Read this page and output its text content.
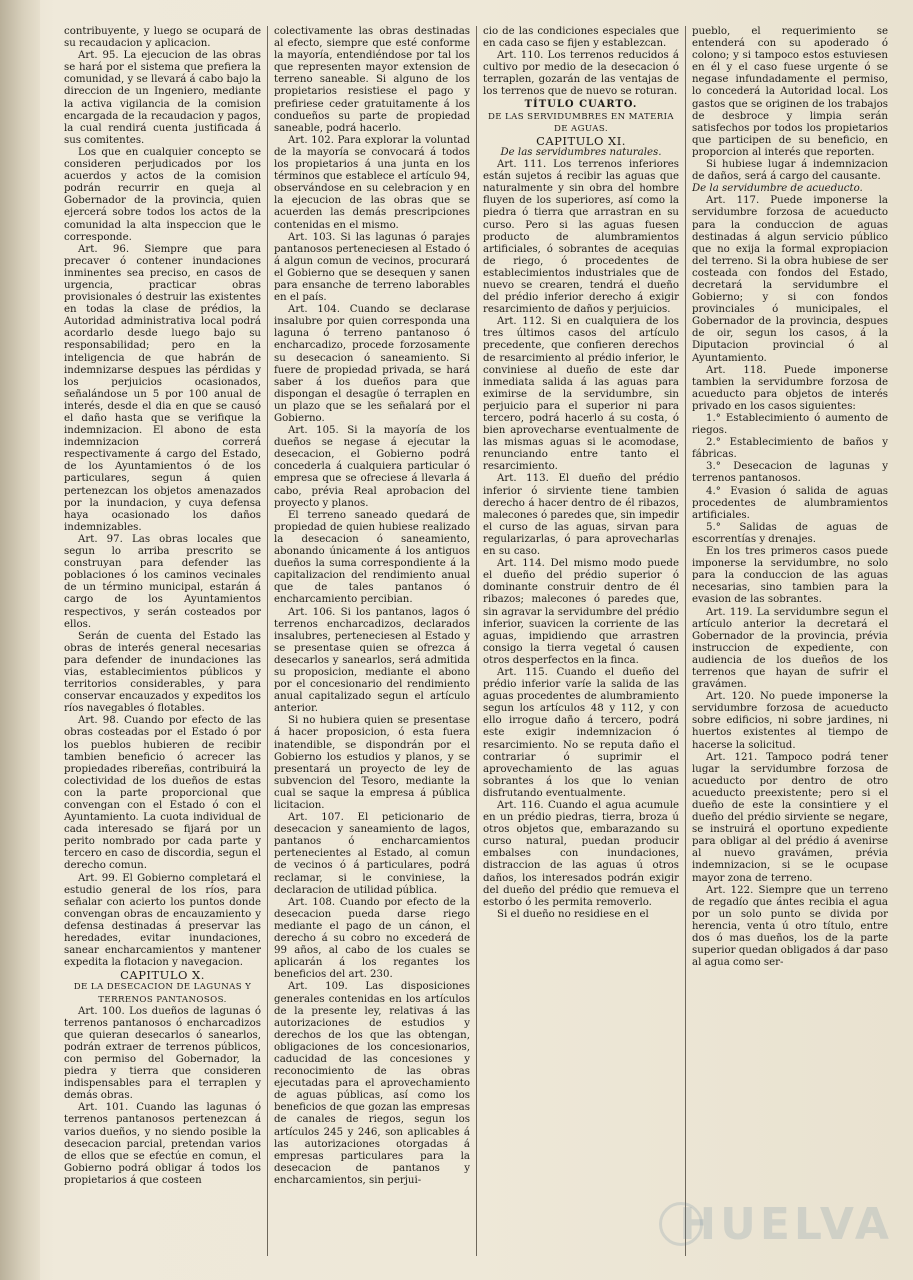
contribuyente, y luego se ocupará de su recaudacion y aplicacion.

Art. 95. La ejecucion de las obras se hará por el sistema que prefiera la comunidad, y se llevará á cabo bajo la direccion de un Ingeniero, mediante la activa vigilancia de la comision encargada de la recaudacion y pagos, la cual rendirá cuenta justificada á sus comitentes.

Los que en cualquier concepto se consideren perjudicados por los acuerdos y actos de la comision podrán recurrir en queja al Gobernador de la provincia, quien ejercerá sobre todos los actos de la comunidad la alta inspeccion que le corresponde.

Art. 96. Siempre que para precaver ó contener inundaciones inminentes sea preciso, en casos de urgencia, practicar obras provisionales ó destruir las existentes en todas la clase de prédios, la Autoridad administrativa local podrá acordarlo desde luego bajo su responsabilidad; pero en la inteligencia de que habrán de indemnizarse despues las pérdidas y los perjuicios ocasionados, señalándose un 5 por 100 anual de interés, desde el dia en que se causó el daño hasta que se verifique la indemnizacion. El abono de esta indemnizacion correrá respectivamente á cargo del Estado, de los Ayuntamientos ó de los particulares, segun á quien pertenezcan los objetos amenazados por la inundacion, y cuya defensa haya ocasionado los daños indemnizables.

Art. 97. Las obras locales que segun lo arriba prescrito se construyan para defender las poblaciones ó los caminos vecinales de un término municipal, estarán á cargo de los Ayuntamientos respectivos, y serán costeados por ellos.

Serán de cuenta del Estado las obras de interés general necesarias para defender de inundaciones las vias, establecimientos públicos y territorios considerables, y para conservar encauzados y expeditos los ríos navegables ó flotables.

Art. 98. Cuando por efecto de las obras costeadas por el Estado ó por los pueblos hubieren de recibir tambien beneficio ó acrecer las propiedades ribereñas, contribuirá la colectividad de los dueños de estas con la parte proporcional que convengan con el Estado ó con el Ayuntamiento. La cuota individual de cada interesado se fijará por un perito nombrado por cada parte y tercero en caso de discordia, segun el derecho comun.

Art. 99. El Gobierno completará el estudio general de los ríos, para señalar con acierto los puntos donde convengan obras de encauzamiento y defensa destinadas á preservar las heredades, evitar inundaciones, sanear encharcamientos y mantener expedita la flotacion y navegacion.

CAPITULO X.

DE LA DESECACION DE LAGUNAS Y TERRENOS PANTANOSOS.

Art. 100. Los dueños de lagunas ó terrenos pantanosos ó encharcadizos que quieran desecarlos ó sanearlos, podrán extraer de terrenos públicos, con permiso del Gobernador, la piedra y tierra que consideren indispensables para el terraplen y demás obras.

Art. 101. Cuando las lagunas ó terrenos pantanosos pertenezcan á varios dueños, y no siendo posible la desecacion parcial, pretendan varios de ellos que se efectúe en comun, el Gobierno podrá obligar á todos los propietarios á que costeen

colectivamente las obras destinadas al efecto, siempre que esté conforme la mayoría, entendiéndose por tal los que representen mayor extension de terreno saneable. Si alguno de los propietarios resistiese el pago y prefiriese ceder gratuitamente á los condueños su parte de propiedad saneable, podrá hacerlo.

Art. 102. Para explorar la voluntad de la mayoría se convocará á todos los propietarios á una junta en los términos que establece el artículo 94, observándose en su celebracion y en la ejecucion de las obras que se acuerden las demás prescripciones contenidas en el mismo.

Art. 103. Si las lagunas ó parajes pantanosos perteneciesen al Estado ó á algun comun de vecinos, procurará el Gobierno que se desequen y sanen para ensanche de terreno laborables en el país.

Art. 104. Cuando se declarase insalubre por quien corresponda una laguna ó terreno pantanoso ó encharcadizo, procede forzosamente su desecacion ó saneamiento. Si fuere de propiedad privada, se hará saber á los dueños para que dispongan el desagüe ó terraplen en un plazo que se les señalará por el Gobierno.

Art. 105. Si la mayoría de los dueños se negase á ejecutar la desecacion, el Gobierno podrá concederla á cualquiera particular ó empresa que se ofreciese á llevarla á cabo, prévia Real aprobacion del proyecto y planos.

El terreno saneado quedará de propiedad de quien hubiese realizado la desecacion ó saneamiento, abonando únicamente á los antiguos dueños la suma correspondiente á la capitalizacion del rendimiento anual que de tales pantanos ó encharcamiento percibian.

Art. 106. Si los pantanos, lagos ó terrenos encharcadizos, declarados insalubres, perteneciesen al Estado y se presentase quien se ofrezca á desecarlos y sanearlos, será admitida su proposicion, mediante el abono por el concesionario del rendimiento anual capitalizado segun el artículo anterior.

Si no hubiera quien se presentase á hacer proposicion, ó esta fuera inatendible, se dispondrán por el Gobierno los estudios y planos, y se presentará un proyecto de ley de subvencion del Tesoro, mediante la cual se saque la empresa á pública licitacion.

Art. 107. El peticionario de desecacion y saneamiento de lagos, pantanos ó encharcamientos pertenecientes al Estado, al comun de vecinos ó á particulares, podrá reclamar, si le conviniese, la declaracion de utilidad pública.

Art. 108. Cuando por efecto de la desecacion pueda darse riego mediante el pago de un cánon, el derecho á su cobro no excederá de 99 años, al cabo de los cuales se aplicarán á los regantes los beneficios del art. 230.

Art. 109. Las disposiciones generales contenidas en los artículos de la presente ley, relativas á las autorizaciones de estudios y derechos de los que las obtengan, obligaciones de los concesionarios, caducidad de las concesiones y reconocimiento de las obras ejecutadas para el aprovechamiento de aguas públicas, así como los beneficios de que gozan las empresas de canales de riegos, segun los artículos 245 y 246, son aplicables á las autorizaciones otorgadas á empresas particulares para la desecacion de pantanos y encharcamientos, sin perjui-

cio de las condiciones especiales que en cada caso se fijen y establezcan.

Art. 110. Los terrenos reducidos á cultivo por medio de la desecacion ó terraplen, gozarán de las ventajas de los terrenos que de nuevo se roturan.

TÍTULO CUARTO.

DE LAS SERVIDUMBRES EN MATERIA DE AGUAS.

CAPITULO XI.

De las servidumbres naturales.

Art. 111. Los terrenos inferiores están sujetos á recibir las aguas que naturalmente y sin obra del hombre fluyen de los superiores, así como la piedra ó tierra que arrastran en su curso. Pero si las aguas fuesen producto de alumbramientos artificiales, ó sobrantes de acequias de riego, ó procedentes de establecimientos industriales que de nuevo se crearen, tendrá el dueño del prédio inferior derecho á exigir resarcimiento de daños y perjuicios.

Art. 112. Si en cualquiera de los tres últimos casos del artículo precedente, que confieren derechos de resarcimiento al prédio inferior, le conviniese al dueño de este dar inmediata salida á las aguas para eximirse de la servidumbre, sin perjuicio para el superior ni para tercero, podrá hacerlo á su costa, ó bien aprovecharse eventualmente de las mismas aguas si le acomodase, renunciando entre tanto el resarcimiento.

Art. 113. El dueño del prédio inferior ó sirviente tiene tambien derecho á hacer dentro de él ribazos, malecones ó paredes que, sin impedir el curso de las aguas, sirvan para regularizarlas, ó para aprovecharlas en su caso.

Art. 114. Del mismo modo puede el dueño del prédio superior ó dominante construir dentro de él ribazos; malecones ó paredes que, sin agravar la servidumbre del prédio inferior, suavicen la corriente de las aguas, impidiendo que arrastren consigo la tierra vegetal ó causen otros desperfectos en la finca.

Art. 115. Cuando el dueño del prédio inferior varíe la salida de las aguas procedentes de alumbramiento segun los artículos 48 y 112, y con ello irrogue daño á tercero, podrá este exigir indemnizacion ó resarcimiento. No se reputa daño el contrariar ó suprimir el aprovechamiento de las aguas sobrantes á los que lo venian disfrutando eventualmente.

Art. 116. Cuando el agua acumule en un prédio piedras, tierra, broza ú otros objetos que, embarazando su curso natural, puedan producir embalses con inundaciones, distraccion de las aguas ú otros daños, los interesados podrán exigir del dueño del prédio que remueva el estorbo ó les permita removerlo.

Si el dueño no residiese en el

pueblo, el requerimiento se entenderá con su apoderado ó colono; y si tampoco estos estuviesen en él y el caso fuese urgente ó se negase infundadamente el permiso, lo concederá la Autoridad local. Los gastos que se originen de los trabajos de desbroce y limpia serán satisfechos por todos los propietarios que participen de su beneficio, en proporcion al interés que reporten.

Si hubiese lugar á indemnizacion de daños, será á cargo del causante.

De la servidumbre de acueducto.

Art. 117. Puede imponerse la servidumbre forzosa de acueducto para la conduccion de aguas destinadas á algun servicio público que no exija la formal expropiacion del terreno. Si la obra hubiese de ser costeada con fondos del Estado, decretará la servidumbre el Gobierno; y si con fondos provinciales ó municipales, el Gobernador de la provincia, despues de oir, segun los casos, á la Diputacion provincial ó al Ayuntamiento.

Art. 118. Puede imponerse tambien la servidumbre forzosa de acueducto para objetos de interés privado en los casos siguientes:

1.° Establecimiento ó aumento de riegos.

2.° Establecimiento de baños y fábricas.

3.° Desecacion de lagunas y terrenos pantanosos.

4.° Evasion ó salida de aguas procedentes de alumbramientos artificiales.

5.° Salidas de aguas de escorrentías y drenajes.

En los tres primeros casos puede imponerse la servidumbre, no solo para la conduccion de las aguas necesarias, sino tambien para la evasion de las sobrantes.

Art. 119. La servidumbre segun el artículo anterior la decretará el Gobernador de la provincia, prévia instruccion de expediente, con audiencia de los dueños de los terrenos que hayan de sufrir el gravámen.

Art. 120. No puede imponerse la servidumbre forzosa de acueducto sobre edificios, ni sobre jardines, ni huertos existentes al tiempo de hacerse la solicitud.

Art. 121. Tampoco podrá tener lugar la servidumbre forzosa de acueducto por dentro de otro acueducto preexistente; pero si el dueño de este la consintiere y el dueño del prédio sirviente se negare, se instruirá el oportuno expediente para obligar al del prédio á avenirse al nuevo gravámen, prévia indemnizacion, si se le ocupase mayor zona de terreno.

Art. 122. Siempre que un terreno de regadío que ántes recibia el agua por un solo punto se divida por herencia, venta ú otro título, entre dos ó mas dueños, los de la parte superior quedan obligados á dar paso al agua como ser-

HUELVA
